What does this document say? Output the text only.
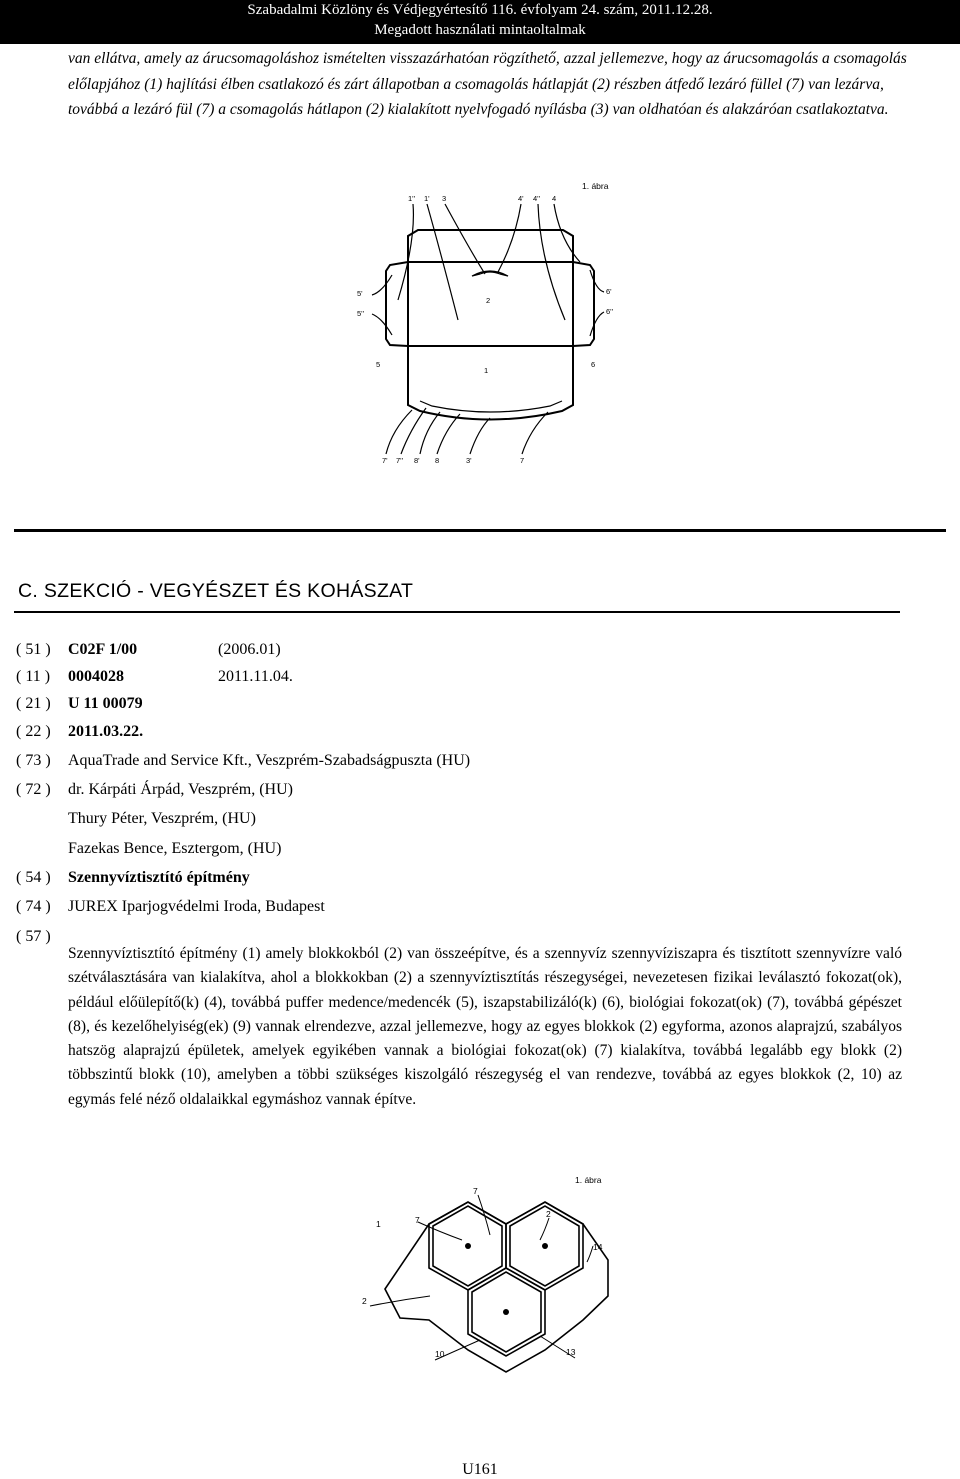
Szabadalmi Közlöny és Védjegyértesítő 116. évfolyam 24. szám, 2011.12.28.
Megadott használati mintaoltalmak

van ellátva, amely az árucsomagoláshoz ismételten visszazárhatóan rögzíthető, azzal jellemezve, hogy az árucsomagolás a csomagolás előlapjához (1) hajlítási élben csatlakozó és zárt állapotban a csomagolás hátlapját (2) részben átfedő lezáró füllel (7) van lezárva, továbbá a lezáró fül (7) a csomagolás hátlapon (2) kialakított nyelvfogadó nyílásba (3) van oldhatóan és alakzáróan csatlakoztatva.

1. ábra
1'' 1' 3	4' 4'' 4
5'
5''
2
6'
6''
5
1
6
7' 7'' 8' 8	3'	7
C. SZEKCIÓ - VEGYÉSZET ÉS KOHÁSZAT
( 51 )	C02F 1/00	(2006.01)
( 11 )	0004028	2011.11.04.
( 21 )	U 11 00079
( 22 )	2011.03.22.
( 73 )	AquaTrade and Service Kft., Veszprém-Szabadságpuszta (HU)
( 72 )	dr. Kárpáti Árpád, Veszprém, (HU)
Thury Péter, Veszprém, (HU)
Fazekas Bence, Esztergom, (HU)
( 54 )	Szennyvíztisztító építmény
( 74 )	JUREX Iparjogvédelmi Iroda, Budapest
( 57 )

Szennyvíztisztító építmény (1) amely blokkokból (2) van összeépítve, és a szennyvíz szennyvíziszapra és tisztított szennyvízre való szétválasztására van kialakítva, ahol a blokkokban (2) a szennyvíztisztítás részegységei, nevezetesen fizikai leválasztó fokozat(ok), például előülepítő(k) (4), továbbá puffer medence/medencék (5), iszapstabilizáló(k) (6), biológiai fokozat(ok) (7), továbbá gépészet (8), és kezelőhelyiség(ek) (9) vannak elrendezve, azzal jellemezve, hogy az egyes blokkok (2) egyforma, azonos alaprajzú, szabályos hatszög alaprajzú épületek, amelyek egyikében vannak a biológiai fokozat(ok) (7) kialakítva, továbbá legalább egy blokk (2) többszintű blokk (10), amelyben a többi szükséges kiszolgáló részegység el van rendezve, továbbá az egyes blokkok (2, 10) az egymás felé néző oldalaikkal egymáshoz vannak építve.

1. ábra
7
1	7
2
14
2
10	13
U161
